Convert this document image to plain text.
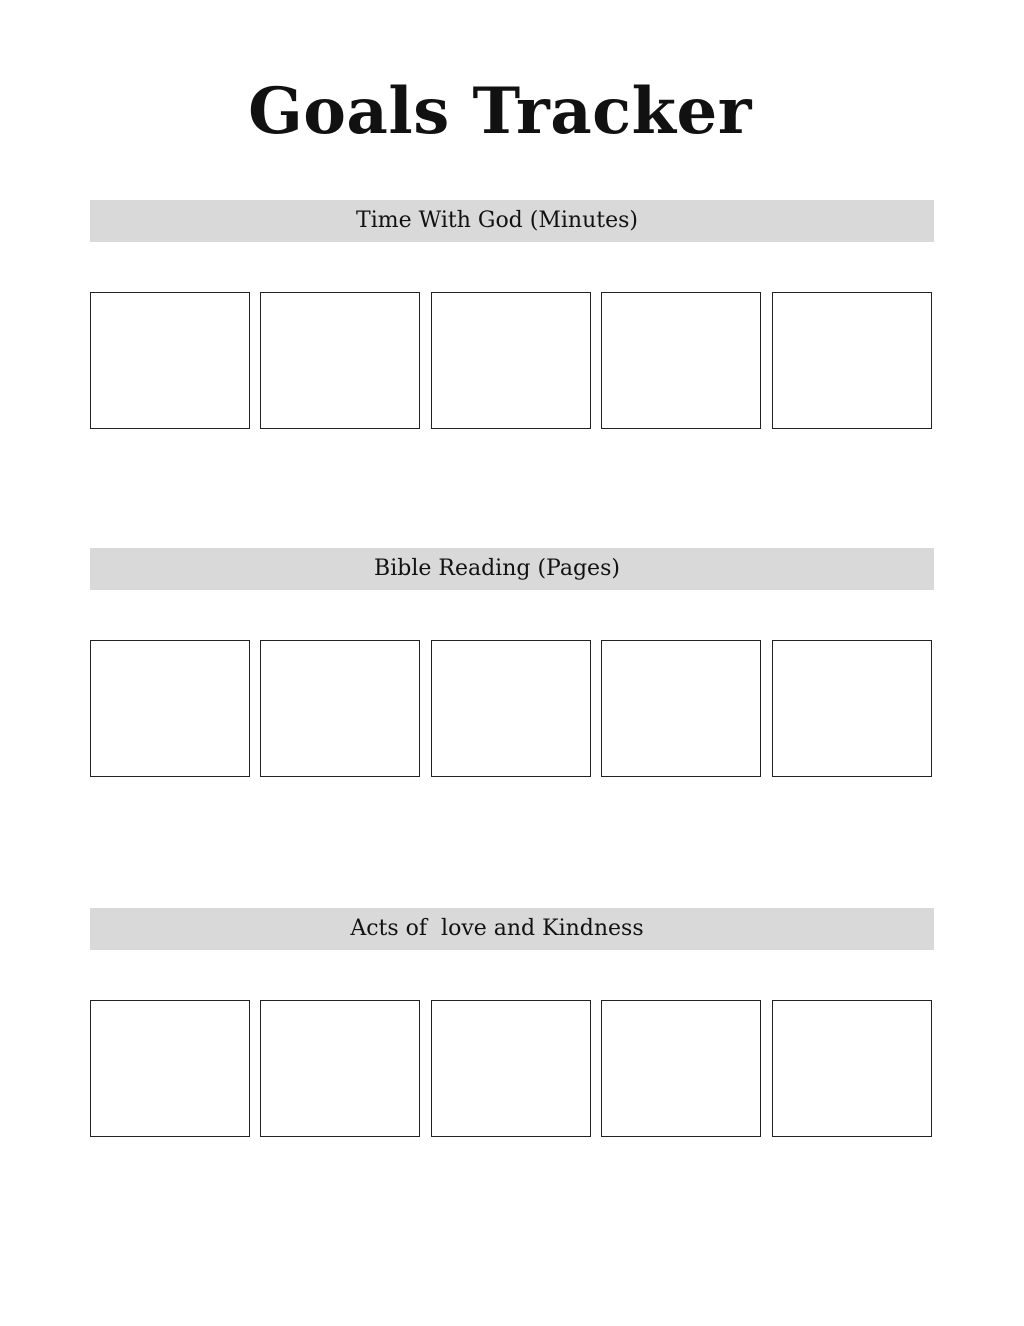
Goals Tracker
Time With God (Minutes)
Bible Reading (Pages)
Acts of  love and Kindness
